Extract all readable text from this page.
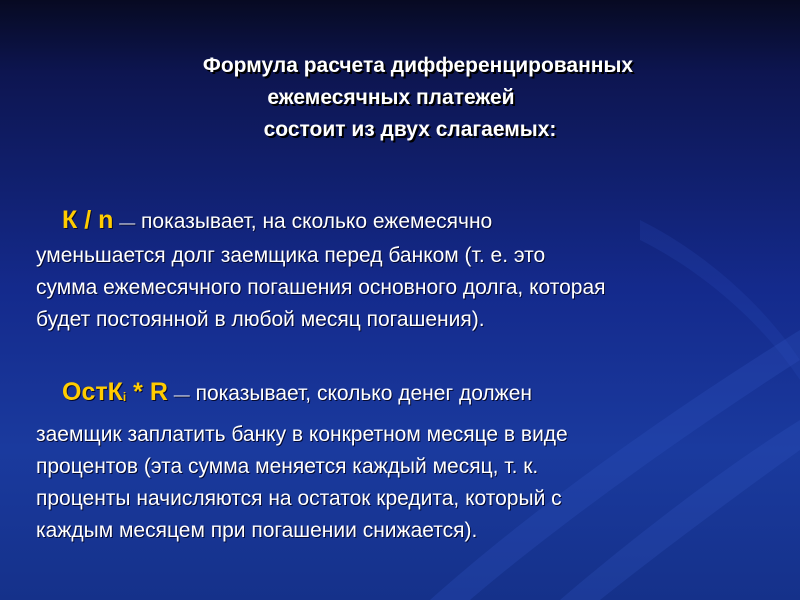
Формула расчета дифференцированных
ежемесячных платежей
состоит из двух слагаемых:
К / n — показывает, на сколько ежемесячно
уменьшается долг заемщика перед банком (т. е. это
сумма ежемесячного погашения основного долга, которая
будет постоянной в любой месяц погашения).
ОстК$_i$ * R — показывает, сколько денег должен
заемщик заплатить банку в конкретном месяце в виде
процентов (эта сумма меняется каждый месяц, т. к.
проценты начисляются на остаток кредита, который с
каждым месяцем при погашении снижается).
